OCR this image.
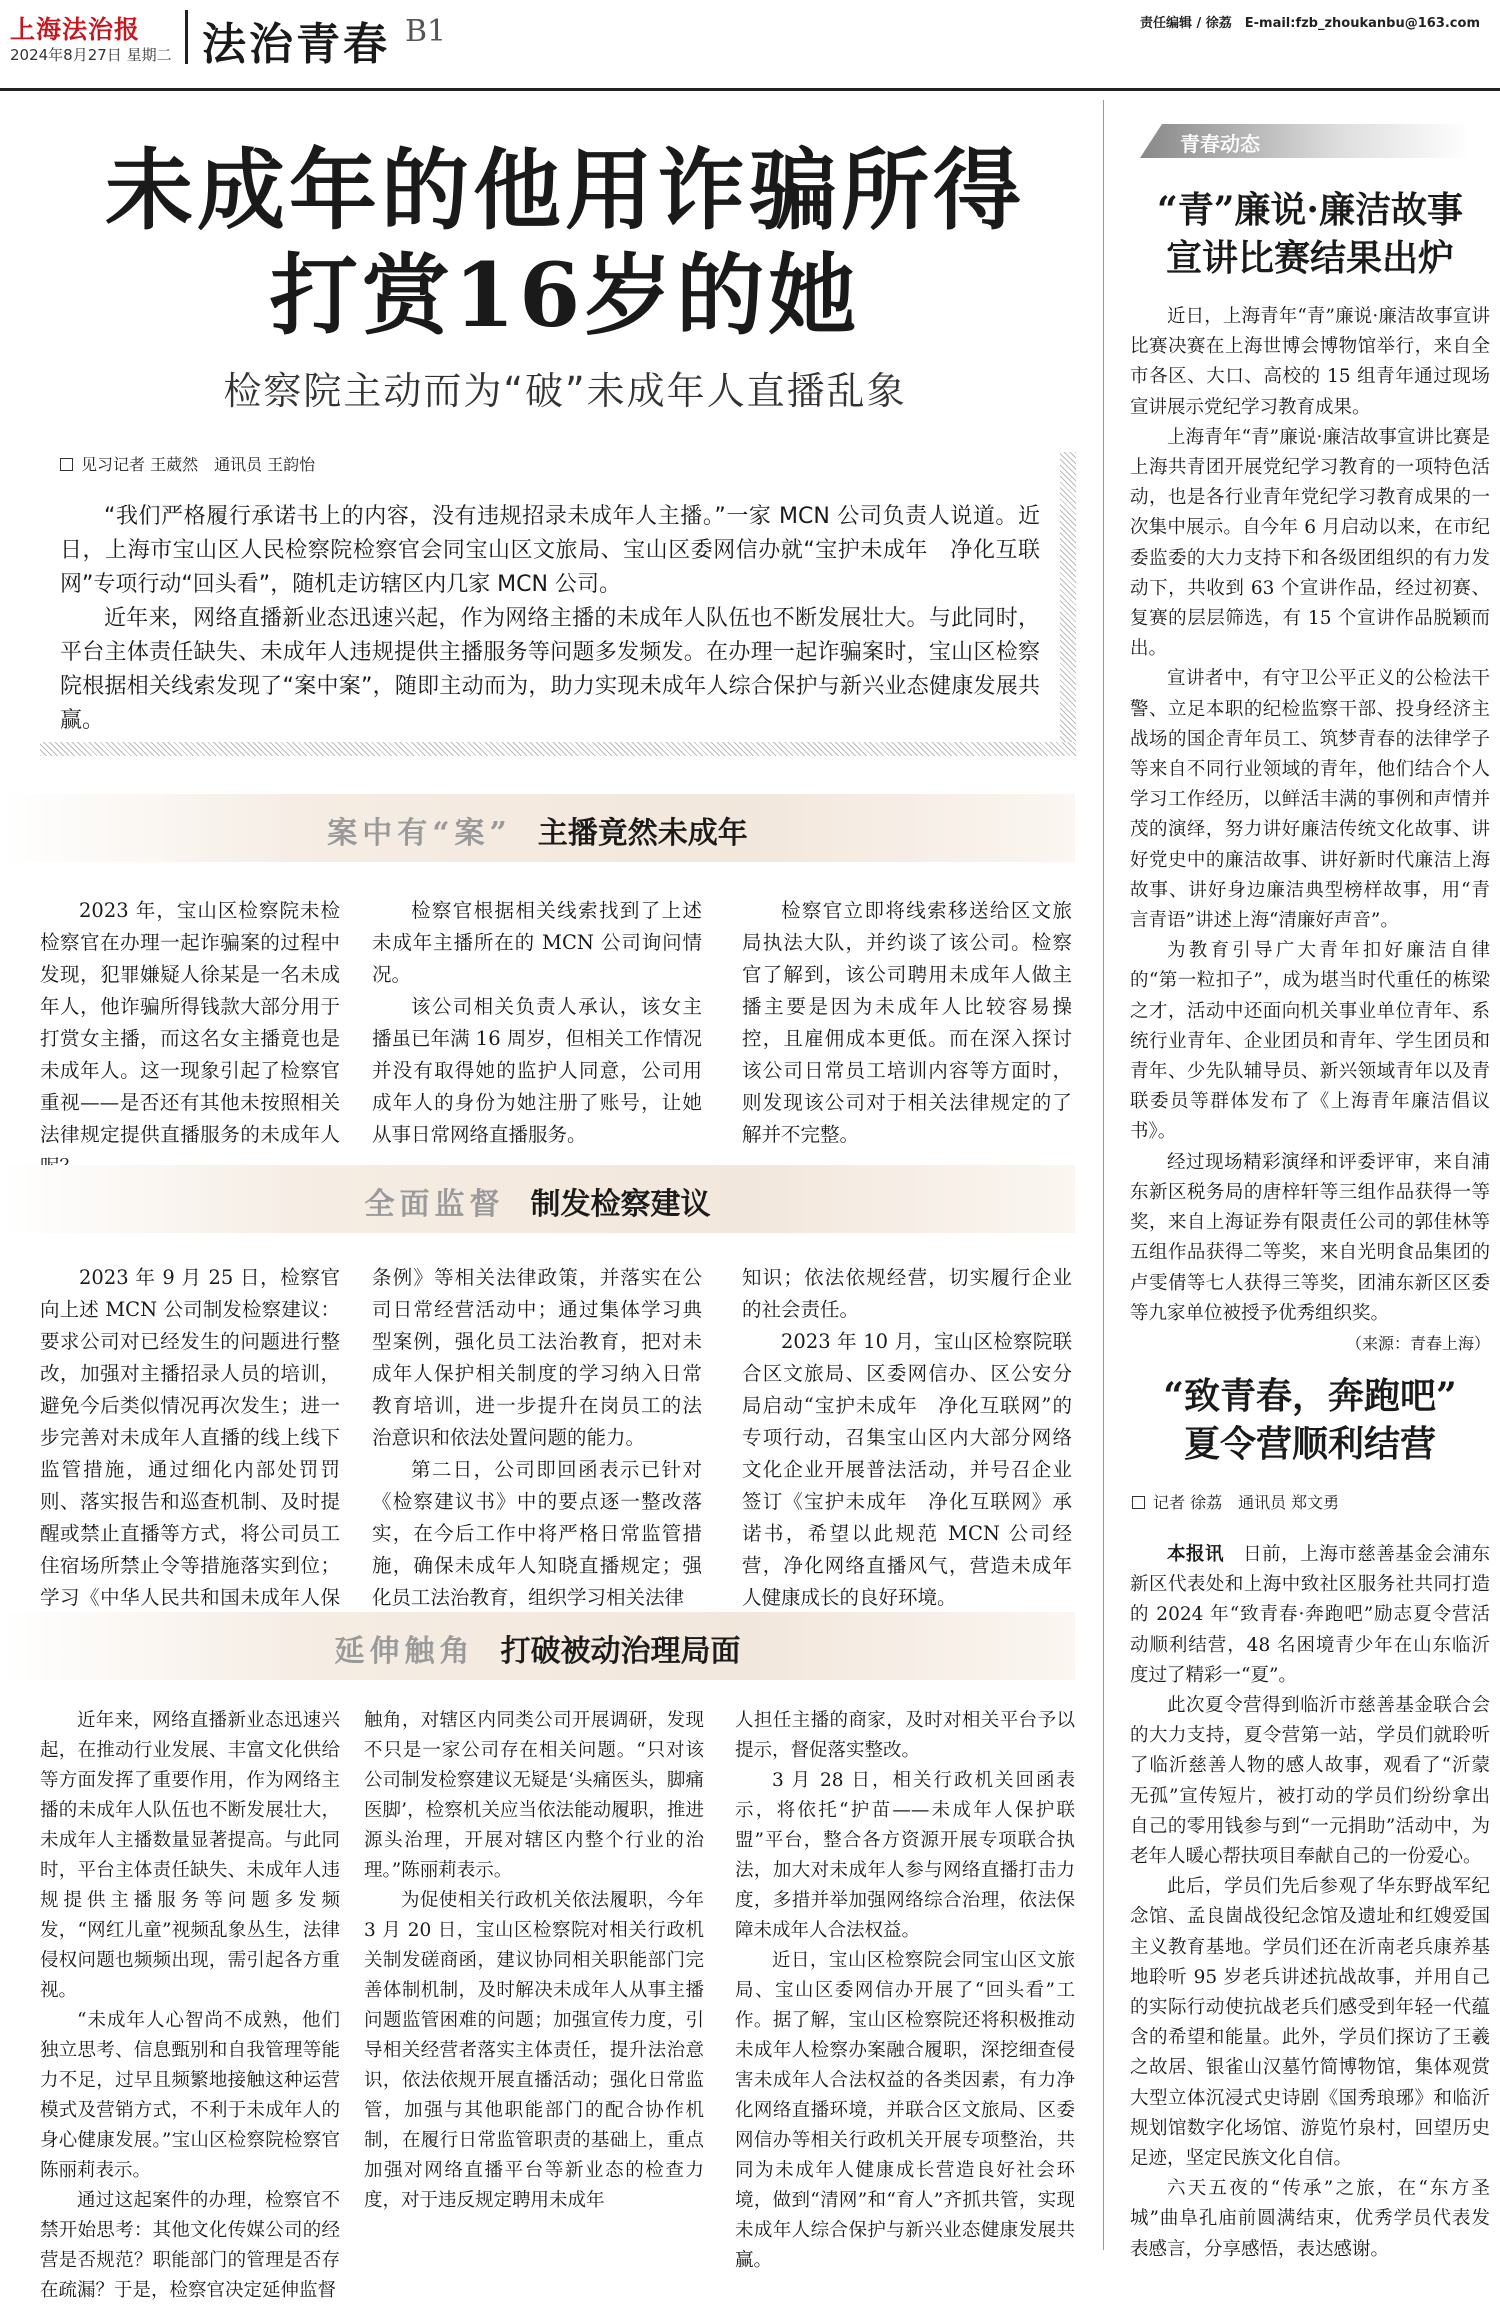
上海法治报
2024年8月27日 星期二 法治青春 B1	责任编辑 / 徐荔　E-mail:fzb_zhoukanbu@163.com
未成年的他用诈骗所得
打赏16岁的她
检察院主动而为“破”未成年人直播乱象
见习记者 王葳然　通讯员 王韵怡

“我们严格履行承诺书上的内容，没有违规招录未成年人主播。”一家 MCN 公司负责人说道。近日，上海市宝山区人民检察院检察官会同宝山区文旅局、宝山区委网信办就“宝护未成年　净化互联网”专项行动“回头看”，随机走访辖区内几家 MCN 公司。

近年来，网络直播新业态迅速兴起，作为网络主播的未成年人队伍也不断发展壮大。与此同时，平台主体责任缺失、未成年人违规提供主播服务等问题多发频发。在办理一起诈骗案时，宝山区检察院根据相关线索发现了“案中案”，随即主动而为，助力实现未成年人综合保护与新兴业态健康发展共赢。

案中有“案” 主播竟然未成年

2023 年，宝山区检察院未检检察官在办理一起诈骗案的过程中发现，犯罪嫌疑人徐某是一名未成年人，他诈骗所得钱款大部分用于打赏女主播，而这名女主播竟也是未成年人。这一现象引起了检察官重视——是否还有其他未按照相关法律规定提供直播服务的未成年人

检察官根据相关线索找到了上述未成年主播所在的 MCN 公司询问情况。

该公司相关负责人承认，该女主播虽已年满 16 周岁，但相关工作情况并没有取得她的监护人同意，公司用成年人的身份为她注册了账号，让她从事日常网络直播服务。

检察官立即将线索移送给区文旅局执法大队，并约谈了该公司。检察官了解到，该公司聘用未成年人做主播主要是因为未成年人比较容易操控，且雇佣成本更低。而在深入探讨该公司日常员工培训内容等方面时，则发现该公司对于相关法律规定的了解并不完整。

全面监督 制发检察建议

2023 年 9 月 25 日，检察官向上述 MCN 公司制发检察建议：要求公司对已经发生的问题进行整改，加强对主播招录人员的培训，避免今后类似情况再次发生；进一步完善对未成年人直播的线上线下监管措施，通过细化内部处罚罚则、落实报告和巡查机制、及时提醒或禁止直播等方式，将公司员工住宿场所禁止令等措施落实到位；学习《中华人民共和国未成年人保

条例》等相关法律政策，并落实在公司日常经营活动中；通过集体学习典型案例，强化员工法治教育，把对未成年人保护相关制度的学习纳入日常教育培训，进一步提升在岗员工的法治意识和依法处置问题的能力。

第二日，公司即回函表示已针对《检察建议书》中的要点逐一整改落实，在今后工作中将严格日常监管措施，确保未成年人知晓直播规定；强化员工法治教育，组织学习相关法律

知识；依法依规经营，切实履行企业的社会责任。

2023 年 10 月，宝山区检察院联合区文旅局、区委网信办、区公安分局启动“宝护未成年　净化互联网”的专项行动，召集宝山区内大部分网络文化企业开展普法活动，并号召企业签订《宝护未成年　净化互联网》承诺书，希望以此规范 MCN 公司经营，净化网络直播风气，营造未成年人健康成长的良好环境。

延伸触角 打破被动治理局面

近年来，网络直播新业态迅速兴起，在推动行业发展、丰富文化供给等方面发挥了重要作用，作为网络主播的未成年人队伍也不断发展壮大，未成年人主播数量显著提高。与此同时，平台主体责任缺失、未成年人违规提供主播服务等问题多发频发，“网红儿童”视频乱象丛生，法律侵权问题也频频出现，需引起各方重视。

“未成年人心智尚不成熟，他们独立思考、信息甄别和自我管理等能力不足，过早且频繁地接触这种运营模式及营销方式，不利于未成年人的身心健康发展。”宝山区检察院检察官陈丽莉表示。

通过这起案件的办理，检察官不禁开始思考：其他文化传媒公司的经营是否规范？职能部门的管理是否存在疏漏？于是，检察官决定延伸监督

触角，对辖区内同类公司开展调研，发现不只是一家公司存在相关问题。“只对该公司制发检察建议无疑是‘头痛医头，脚痛医脚’，检察机关应当依法能动履职，推进源头治理，开展对辖区内整个行业的治理。”陈丽莉表示。

为促使相关行政机关依法履职，今年 3 月 20 日，宝山区检察院对相关行政机关制发磋商函，建议协同相关职能部门完善体制机制，及时解决未成年人从事主播问题监管困难的问题；加强宣传力度，引导相关经营者落实主体责任，提升法治意识，依法依规开展直播活动；强化日常监管，加强与其他职能部门的配合协作机制，在履行日常监管职责的基础上，重点加强对网络直播平台等新业态的检查力度，对于违反规定聘用未成年

人担任主播的商家，及时对相关平台予以提示，督促落实整改。

3 月 28 日，相关行政机关回函表示，将依托“护苗——未成年人保护联盟”平台，整合各方资源开展专项联合执法，加大对未成年人参与网络直播打击力度，多措并举加强网络综合治理，依法保障未成年人合法权益。

近日，宝山区检察院会同宝山区文旅局、宝山区委网信办开展了“回头看”工作。据了解，宝山区检察院还将积极推动未成年人检察办案融合履职，深挖细查侵害未成年人合法权益的各类因素，有力净化网络直播环境，并联合区文旅局、区委网信办等相关行政机关开展专项整治，共同为未成年人健康成长营造良好社会环境，做到“清网”和“育人”齐抓共管，实现未成年人综合保护与新兴业态健康发展共赢。

青春动态
“青”廉说·廉洁故事
宣讲比赛结果出炉

近日，上海青年“青”廉说·廉洁故事宣讲比赛决赛在上海世博会博物馆举行，来自全市各区、大口、高校的 15 组青年通过现场宣讲展示党纪学习教育成果。

上海青年“青”廉说·廉洁故事宣讲比赛是上海共青团开展党纪学习教育的一项特色活动，也是各行业青年党纪学习教育成果的一次集中展示。自今年 6 月启动以来，在市纪委监委的大力支持下和各级团组织的有力发动下，共收到 63 个宣讲作品，经过初赛、复赛的层层筛选，有 15 个宣讲作品脱颖而出。

宣讲者中，有守卫公平正义的公检法干警、立足本职的纪检监察干部、投身经济主战场的国企青年员工、筑梦青春的法律学子等来自不同行业领域的青年，他们结合个人学习工作经历，以鲜活丰满的事例和声情并茂的演绎，努力讲好廉洁传统文化故事、讲好党史中的廉洁故事、讲好新时代廉洁上海故事、讲好身边廉洁典型榜样故事，用“青言青语”讲述上海“清廉好声音”。

为教育引导广大青年扣好廉洁自律的“第一粒扣子”，成为堪当时代重任的栋梁之才，活动中还面向机关事业单位青年、系统行业青年、企业团员和青年、学生团员和青年、少先队辅导员、新兴领域青年以及青联委员等群体发布了《上海青年廉洁倡议书》。

经过现场精彩演绎和评委评审，来自浦东新区税务局的唐梓轩等三组作品获得一等奖，来自上海证券有限责任公司的郭佳林等五组作品获得二等奖，来自光明食品集团的卢雯倩等七人获得三等奖，团浦东新区区委等九家单位被授予优秀组织奖。
（来源：青春上海）

“致青春，奔跑吧”
夏令营顺利结营
记者 徐荔　通讯员 郑文勇

本报讯　 日前，上海市慈善基金会浦东新区代表处和上海中致社区服务社共同打造的 2024 年“致青春·奔跑吧”励志夏令营活动顺利结营，48 名困境青少年在山东临沂度过了精彩一“夏”。

此次夏令营得到临沂市慈善基金联合会的大力支持，夏令营第一站，学员们就聆听了临沂慈善人物的感人故事，观看了“沂蒙无孤”宣传短片，被打动的学员们纷纷拿出自己的零用钱参与到“一元捐助”活动中，为老年人暖心帮扶项目奉献自己的一份爱心。

此后，学员们先后参观了华东野战军纪念馆、孟良崮战役纪念馆及遗址和红嫂爱国主义教育基地。学员们还在沂南老兵康养基地聆听 95 岁老兵讲述抗战故事，并用自己的实际行动使抗战老兵们感受到年轻一代蕴含的希望和能量。此外，学员们探访了王羲之故居、银雀山汉墓竹简博物馆，集体观赏大型立体沉浸式史诗剧《国秀琅琊》和临沂规划馆数字化场馆、游览竹泉村，回望历史足迹，坚定民族文化自信。

六天五夜的“传承”之旅，在“东方圣城”曲阜孔庙前圆满结束，优秀学员代表发表感言，分享感悟，表达感谢。
